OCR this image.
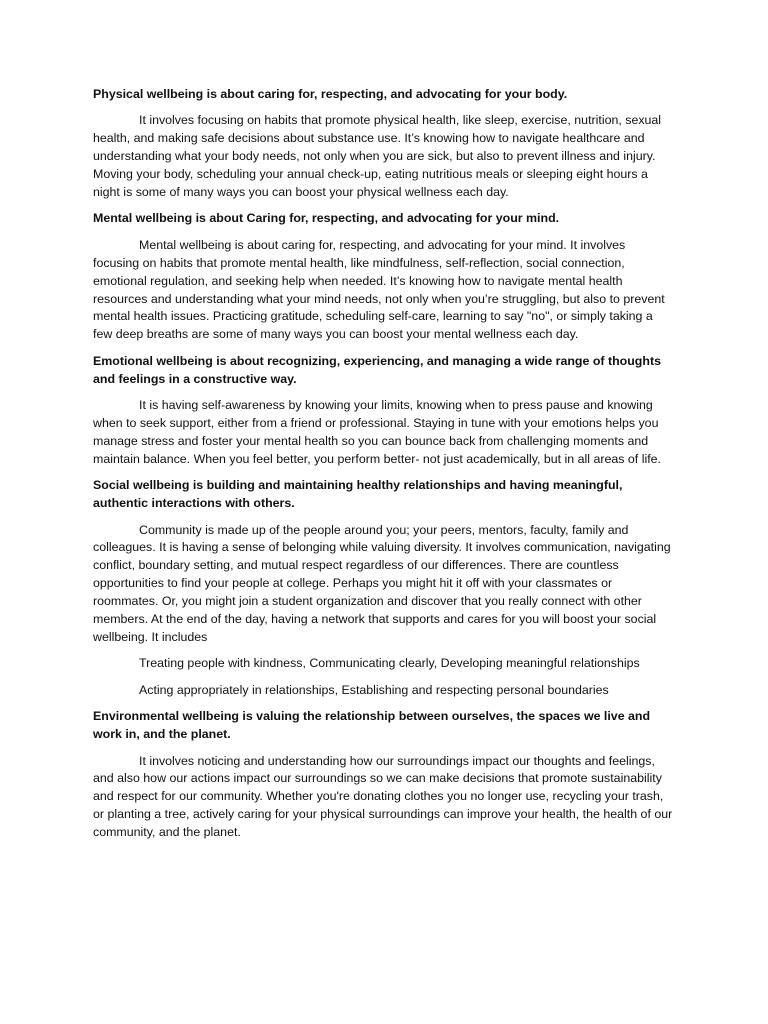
Physical wellbeing is about caring for, respecting, and advocating for your body.

It involves focusing on habits that promote physical health, like sleep, exercise, nutrition, sexual health, and making safe decisions about substance use. It’s knowing how to navigate healthcare and understanding what your body needs, not only when you are sick, but also to prevent illness and injury. Moving your body, scheduling your annual check-up, eating nutritious meals or sleeping eight hours a night is some of many ways you can boost your physical wellness each day.

Mental wellbeing is about Caring for, respecting, and advocating for your mind.

Mental wellbeing is about caring for, respecting, and advocating for your mind. It involves focusing on habits that promote mental health, like mindfulness, self-reflection, social connection, emotional regulation, and seeking help when needed. It’s knowing how to navigate mental health resources and understanding what your mind needs, not only when you’re struggling, but also to prevent mental health issues. Practicing gratitude, scheduling self-care, learning to say "no", or simply taking a few deep breaths are some of many ways you can boost your mental wellness each day.

Emotional wellbeing is about recognizing, experiencing, and managing a wide range of thoughts and feelings in a constructive way.

It is having self-awareness by knowing your limits, knowing when to press pause and knowing when to seek support, either from a friend or professional. Staying in tune with your emotions helps you manage stress and foster your mental health so you can bounce back from challenging moments and maintain balance. When you feel better, you perform better- not just academically, but in all areas of life.

Social wellbeing is building and maintaining healthy relationships and having meaningful, authentic interactions with others.

Community is made up of the people around you; your peers, mentors, faculty, family and colleagues. It is having a sense of belonging while valuing diversity. It involves communication, navigating conflict, boundary setting, and mutual respect regardless of our differences. There are countless opportunities to find your people at college. Perhaps you might hit it off with your classmates or roommates. Or, you might join a student organization and discover that you really connect with other members. At the end of the day, having a network that supports and cares for you will boost your social wellbeing. It includes

Treating people with kindness, Communicating clearly, Developing meaningful relationships

Acting appropriately in relationships, Establishing and respecting personal boundaries

Environmental wellbeing is valuing the relationship between ourselves, the spaces we live and work in, and the planet.

It involves noticing and understanding how our surroundings impact our thoughts and feelings, and also how our actions impact our surroundings so we can make decisions that promote sustainability and respect for our community. Whether you're donating clothes you no longer use, recycling your trash, or planting a tree, actively caring for your physical surroundings can improve your health, the health of our community, and the planet.
